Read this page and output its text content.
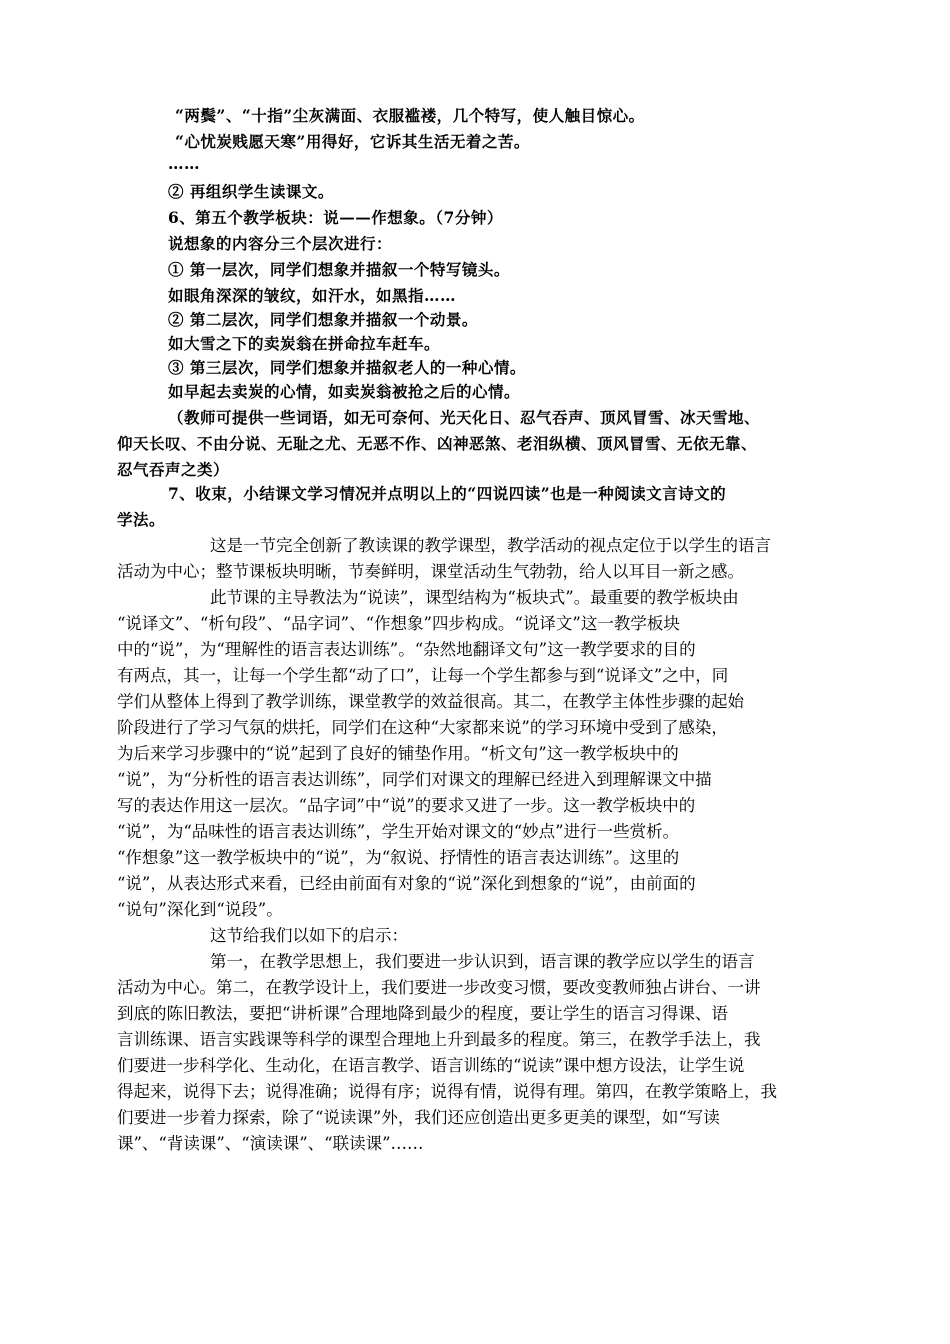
“两鬓”、“十指”尘灰满面、衣服褴褛，几个特写，使人触目惊心。
“心忧炭贱愿天寒”用得好，它诉其生活无着之苦。
……
② 再组织学生读课文。
6、第五个教学板块：说——作想象。（7分钟）
说想象的内容分三个层次进行：
① 第一层次，同学们想象并描叙一个特写镜头。
如眼角深深的皱纹，如汗水，如黑指……
② 第二层次，同学们想象并描叙一个动景。
如大雪之下的卖炭翁在拼命拉车赶车。
③ 第三层次，同学们想象并描叙老人的一种心情。
如早起去卖炭的心情，如卖炭翁被抢之后的心情。
（教师可提供一些词语，如无可奈何、光天化日、忍气吞声、顶风冒雪、冰天雪地、
仰天长叹、不由分说、无耻之尤、无恶不作、凶神恶煞、老泪纵横、顶风冒雪、无依无靠、
忍气吞声之类）
7、收束，小结课文学习情况并点明以上的“四说四读”也是一种阅读文言诗文的
学法。
这是一节完全创新了教读课的教学课型，教学活动的视点定位于以学生的语言
活动为中心；整节课板块明晰，节奏鲜明，课堂活动生气勃勃，给人以耳目一新之感。
此节课的主导教法为“说读”，课型结构为“板块式”。最重要的教学板块由
“说译文”、“析句段”、“品字词”、“作想象”四步构成。“说译文”这一教学板块
中的“说”，为“理解性的语言表达训练”。“杂然地翻译文句”这一教学要求的目的
有两点，其一，让每一个学生都“动了口”，让每一个学生都参与到“说译文”之中，同
学们从整体上得到了教学训练，课堂教学的效益很高。其二，在教学主体性步骤的起始
阶段进行了学习气氛的烘托，同学们在这种“大家都来说”的学习环境中受到了感染，
为后来学习步骤中的“说”起到了良好的铺垫作用。“析文句”这一教学板块中的
“说”，为“分析性的语言表达训练”，同学们对课文的理解已经进入到理解课文中描
写的表达作用这一层次。“品字词”中“说”的要求又进了一步。这一教学板块中的
“说”，为“品味性的语言表达训练”，学生开始对课文的“妙点”进行一些赏析。
“作想象”这一教学板块中的“说”，为“叙说、抒情性的语言表达训练”。这里的
“说”，从表达形式来看，已经由前面有对象的“说”深化到想象的“说”，由前面的
“说句”深化到“说段”。
这节给我们以如下的启示：
第一，在教学思想上，我们要进一步认识到，语言课的教学应以学生的语言
活动为中心。第二，在教学设计上，我们要进一步改变习惯，要改变教师独占讲台、一讲
到底的陈旧教法，要把“讲析课”合理地降到最少的程度，要让学生的语言习得课、语
言训练课、语言实践课等科学的课型合理地上升到最多的程度。第三，在教学手法上，我
们要进一步科学化、生动化，在语言教学、语言训练的“说读”课中想方设法，让学生说
得起来，说得下去；说得准确；说得有序；说得有情，说得有理。第四，在教学策略上，我
们要进一步着力探索，除了“说读课”外，我们还应创造出更多更美的课型，如“写读
课”、“背读课”、“演读课”、“联读课”……
